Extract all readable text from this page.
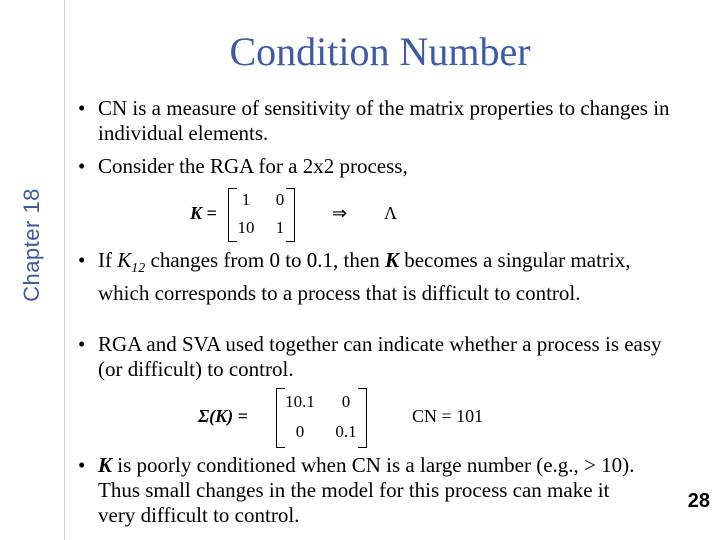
Chapter 18
Condition Number
• CN is a measure of sensitivity of the matrix properties to changes in individual elements.
• Consider the RGA for a 2x2 process,
K =
1	0
10	1
⇒ Λ
• If $K_{12}$ changes from 0 to 0.1, then K becomes a singular matrix, which corresponds to a process that is difficult to control.
• RGA and SVA used together can indicate whether a process is easy (or difficult) to control.
Σ(K) =
10.1	0
0	0.1
CN = 101
• K is poorly conditioned when CN is a large number (e.g., > 10). Thus small changes in the model for this process can make it very difficult to control.
28
